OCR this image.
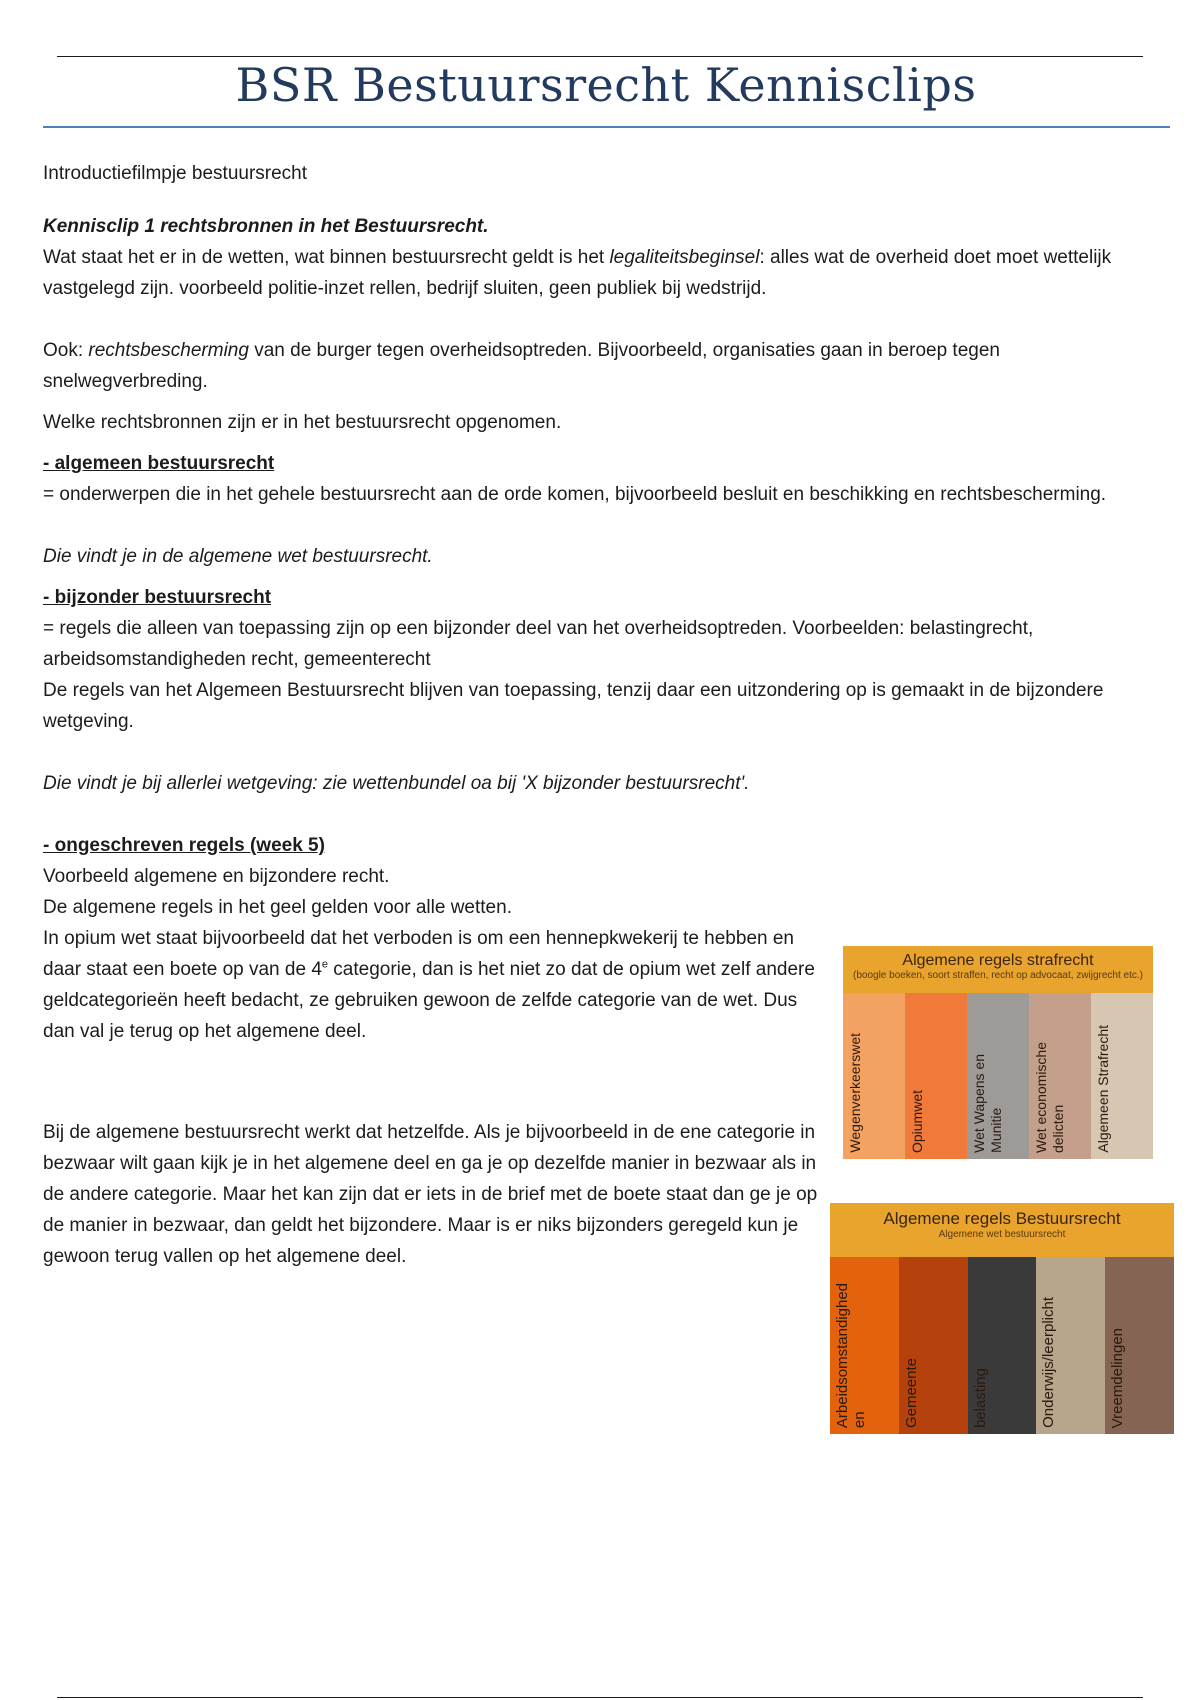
BSR Bestuursrecht Kennisclips

Introductiefilmpje bestuursrecht

Kennisclip 1 rechtsbronnen in het Bestuursrecht.

Wat staat het er in de wetten, wat binnen bestuursrecht geldt is het legaliteitsbeginsel: alles wat de overheid doet moet wettelijk vastgelegd zijn. voorbeeld politie-inzet rellen, bedrijf sluiten, geen publiek bij wedstrijd.

Ook: rechtsbescherming van de burger tegen overheidsoptreden. Bijvoorbeeld, organisaties gaan in beroep tegen snelwegverbreding.

Welke rechtsbronnen zijn er in het bestuursrecht opgenomen.

- algemeen bestuursrecht

= onderwerpen die in het gehele bestuursrecht aan de orde komen, bijvoorbeeld besluit en beschikking en rechtsbescherming.

Die vindt je in de algemene wet bestuursrecht.

- bijzonder bestuursrecht

= regels die alleen van toepassing zijn op een bijzonder deel van het overheidsoptreden. Voorbeelden: belastingrecht, arbeidsomstandigheden recht, gemeenterecht

De regels van het Algemeen Bestuursrecht blijven van toepassing, tenzij daar een uitzondering op is gemaakt in de bijzondere wetgeving.

Die vindt je bij allerlei wetgeving: zie wettenbundel oa bij 'X bijzonder bestuursrecht'.

- ongeschreven regels (week 5)

Voorbeeld algemene en bijzondere recht.

De algemene regels in het geel gelden voor alle wetten.

In opium wet staat bijvoorbeeld dat het verboden is om een hennepkwekerij te hebben en daar staat een boete op van de 4e categorie, dan is het niet zo dat de opium wet zelf andere geldcategorieën heeft bedacht, ze gebruiken gewoon de zelfde categorie van de wet. Dus dan val je terug op het algemene deel.

Bij de algemene bestuursrecht werkt dat hetzelfde. Als je bijvoorbeeld in de ene categorie in bezwaar wilt gaan kijk je in het algemene deel en ga je op dezelfde manier in bezwaar als in de andere categorie. Maar het kan zijn dat er iets in de brief met de boete staat dan ge je op de manier in bezwaar, dan geldt het bijzondere. Maar is er niks bijzonders geregeld kun je gewoon terug vallen op het algemene deel.

Algemene regels strafrecht
(boogle boeken, soort straffen, recht op advocaat, zwijgrecht etc.)
Wegenverkeerswet	Opiumwet	Wet Wapens en
Munitie Wet economische
delicten Algemeen Strafrecht
Algemene regels Bestuursrecht
Algemene wet bestuursrecht
Arbeidsomstandighed
en Gemeente	belasting	Onderwijs/leerplicht	Vreemdelingen
